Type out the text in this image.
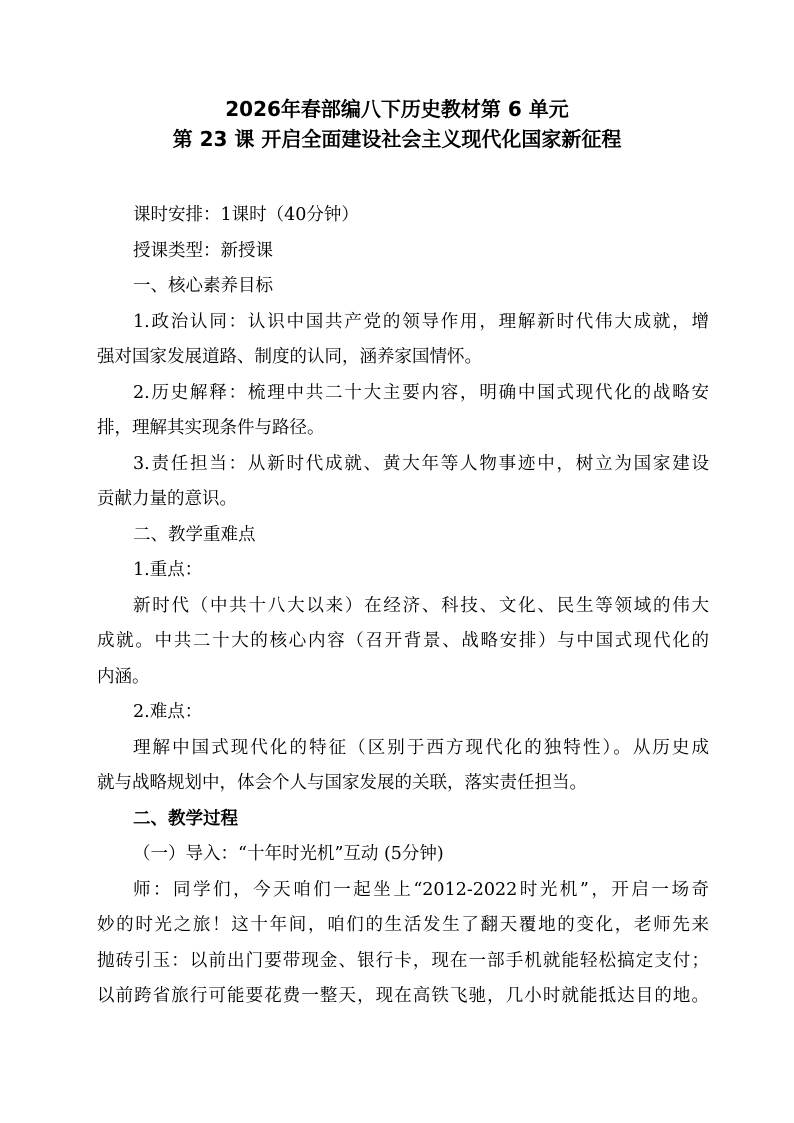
2026年春部编八下历史教材第 6 单元
第 23 课 开启全面建设社会主义现代化国家新征程
课时安排：1课时（40分钟）
授课类型：新授课
一、核心素养目标
1.政治认同：认识中国共产党的领导作用，理解新时代伟大成就，增
强对国家发展道路、制度的认同，涵养家国情怀。
2.历史解释：梳理中共二十大主要内容，明确中国式现代化的战略安
排，理解其实现条件与路径。
3.责任担当：从新时代成就、黄大年等人物事迹中，树立为国家建设
贡献力量的意识。
二、教学重难点
1.重点：
新时代（中共十八大以来）在经济、科技、文化、民生等领域的伟大
成就。中共二十大的核心内容（召开背景、战略安排）与中国式现代化的
内涵。
2.难点：
理解中国式现代化的特征（区别于西方现代化的独特性）。从历史成
就与战略规划中，体会个人与国家发展的关联，落实责任担当。
二、教学过程
（一）导入：“十年时光机”互动 (5分钟)
师：同学们，今天咱们一起坐上“2012-2022时光机”，开启一场奇
妙的时光之旅！这十年间，咱们的生活发生了翻天覆地的变化，老师先来
抛砖引玉：以前出门要带现金、银行卡，现在一部手机就能轻松搞定支付；
以前跨省旅行可能要花费一整天，现在高铁飞驰，几小时就能抵达目的地。
